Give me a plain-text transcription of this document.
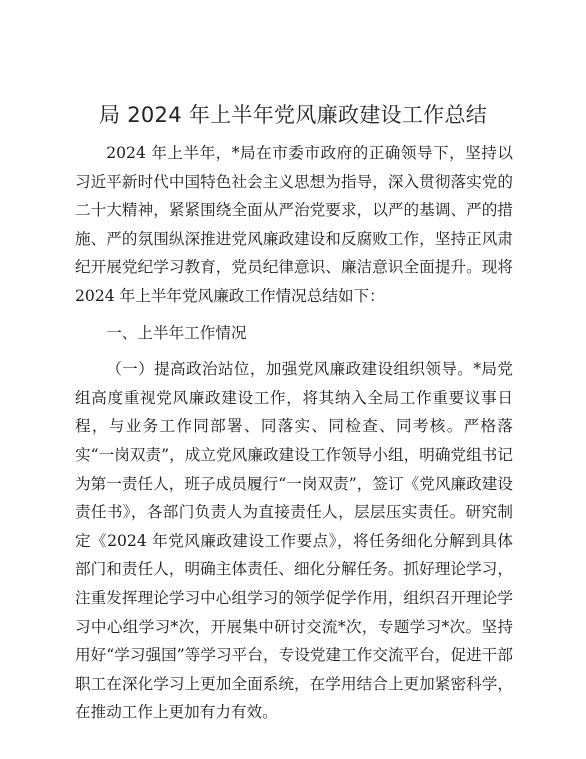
局 2024 年上半年党风廉政建设工作总结

2024 年上半年，*局在市委市政府的正确领导下，坚持以习近平新时代中国特色社会主义思想为指导，深入贯彻落实党的二十大精神，紧紧围绕全面从严治党要求，以严的基调、严的措施、严的氛围纵深推进党风廉政建设和反腐败工作，坚持正风肃纪开展党纪学习教育，党员纪律意识、廉洁意识全面提升。现将 2024 年上半年党风廉政工作情况总结如下：

一、上半年工作情况

（一）提高政治站位，加强党风廉政建设组织领导。*局党组高度重视党风廉政建设工作，将其纳入全局工作重要议事日程，与业务工作同部署、同落实、同检查、同考核。严格落实“一岗双责”，成立党风廉政建设工作领导小组，明确党组书记为第一责任人，班子成员履行“一岗双责”，签订《党风廉政建设责任书》，各部门负责人为直接责任人，层层压实责任。研究制定《2024 年党风廉政建设工作要点》，将任务细化分解到具体部门和责任人，明确主体责任、细化分解任务。抓好理论学习，注重发挥理论学习中心组学习的领学促学作用，组织召开理论学习中心组学习*次，开展集中研讨交流*次，专题学习*次。坚持用好“学习强国”等学习平台，专设党建工作交流平台，促进干部职工在深化学习上更加全面系统，在学用结合上更加紧密科学，在推动工作上更加有力有效。
